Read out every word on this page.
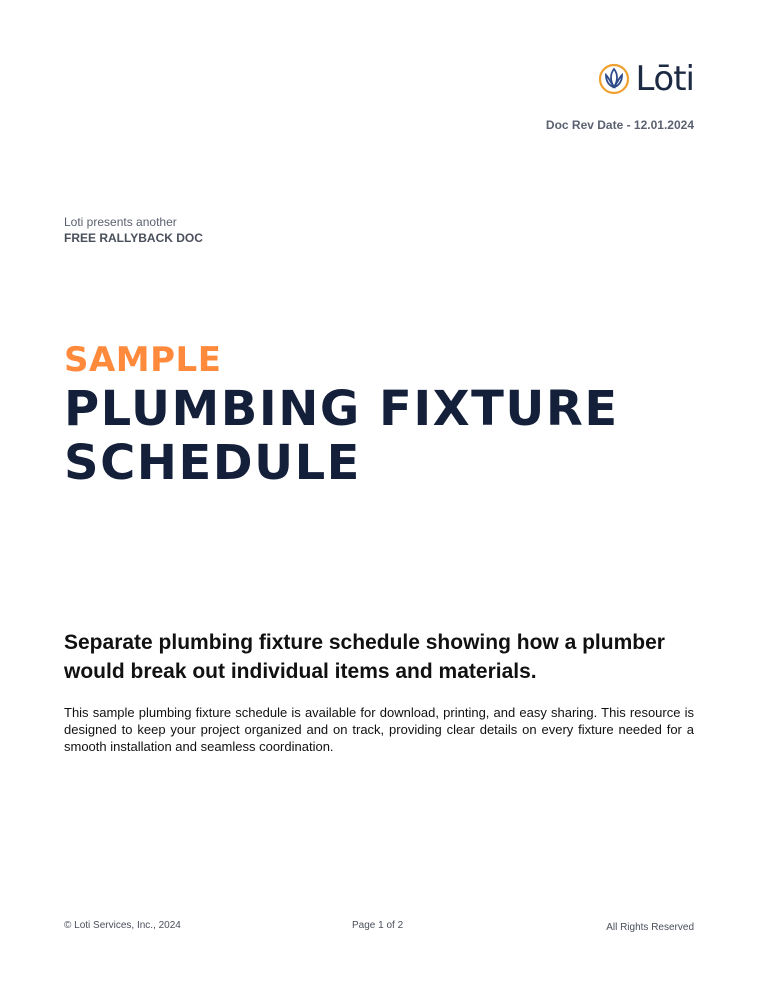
Lōti
Doc Rev Date - 12.01.2024
Loti presents another
FREE RALLYBACK DOC
SAMPLE
PLUMBING FIXTURE
SCHEDULE
Separate plumbing fixture schedule showing how a plumber would break out individual items and materials.
This sample plumbing fixture schedule is available for download, printing, and easy sharing. This resource is designed to keep your project organized and on track, providing clear details on every fixture needed for a smooth installation and seamless coordination.
© Loti Services, Inc., 2024	Page 1 of 2	All Rights Reserved
